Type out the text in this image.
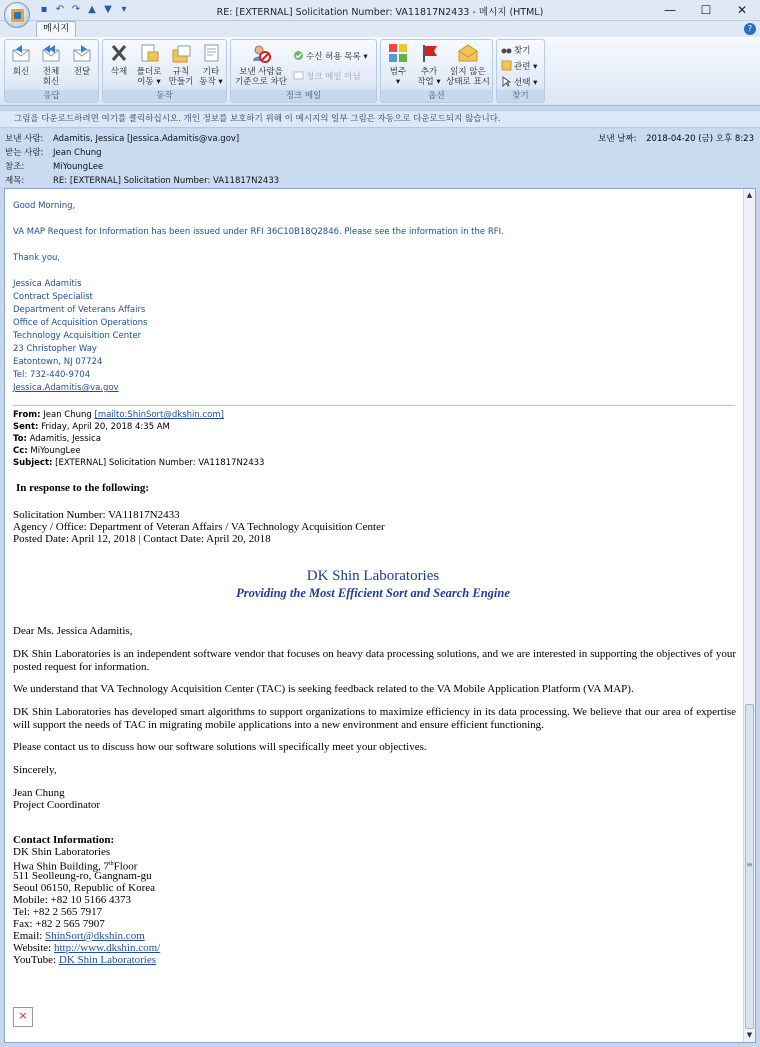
RE: [EXTERNAL] Solicitation Number: VA11817N2433 - 메시지 (HTML)
▪ ↶ ↷ ▲ ▼ ▾	—	☐	✕
메시지	?
회신	전체
회신
전달
응답
삭제	폴더로
이동 ▾
규칙
만들기
기타
동작 ▾
동작
보낸 사람을
기준으로 차단
수신 허용 목록 ▾
정크 메일 아님
정크 메일
범주
▾
추가
작업 ▾
읽지 않은
상태로 표시
옵션
찾기
관련 ▾
선택 ▾
찾기
그림을 다운로드하려면 여기를 클릭하십시오. 개인 정보를 보호하기 위해 이 메시지의 일부 그림은 자동으로 다운로드되지 않습니다.
보낸 사람: Adamitis, Jessica [Jessica.Adamitis@va.gov]
받는 사람: Jean Chung
참조:	MiYoungLee
제목:	RE: [EXTERNAL] Solicitation Number: VA11817N2433
보낸 날짜: 2018-04-20 (금) 오후 8:23
▲
≡
▼
Good Morning,
VA MAP Request for Information has been issued under RFI 36C10B18Q2846. Please see the information in the RFI.
Thank you,
Jessica Adamitis
Contract Specialist
Department of Veterans Affairs
Office of Acquisition Operations
Technology Acquisition Center
23 Christopher Way
Eatontown, NJ 07724
Tel: 732-440-9704
Jessica.Adamitis@va.gov
From: Jean Chung [mailto:ShinSort@dkshin.com]
Sent: Friday, April 20, 2018 4:35 AM
To: Adamitis, Jessica
Cc: MiYoungLee
Subject: [EXTERNAL] Solicitation Number: VA11817N2433
In response to the following:
Solicitation Number: VA11817N2433
Agency / Office: Department of Veteran Affairs / VA Technology Acquisition Center
Posted Date: April 12, 2018 | Contact Date: April 20, 2018
DK Shin Laboratories
Providing the Most Efficient Sort and Search Engine
Dear Ms. Jessica Adamitis,
DK Shin Laboratories is an independent software vendor that focuses on heavy data processing solutions, and we are interested in supporting the objectives of your posted request for information.
We understand that VA Technology Acquisition Center (TAC) is seeking feedback related to the VA Mobile Application Platform (VA MAP).
DK Shin Laboratories has developed smart algorithms to support organizations to maximize efficiency in its data processing. We believe that our area of expertise will support the needs of TAC in migrating mobile applications into a new environment and ensure efficient functioning.
Please contact us to discuss how our software solutions will specifically meet your objectives.
Sincerely,
Jean Chung
Project Coordinator
Contact Information:
DK Shin Laboratories
Hwa Shin Building, 7thFloor
511 Seolleung-ro, Gangnam-gu
Seoul 06150, Republic of Korea
Mobile: +82 10 5166 4373
Tel: +82 2 565 7917
Fax: +82 2 565 7907
Email: ShinSort@dkshin.com
Website: http://www.dkshin.com/
YouTube: DK Shin Laboratories
×
